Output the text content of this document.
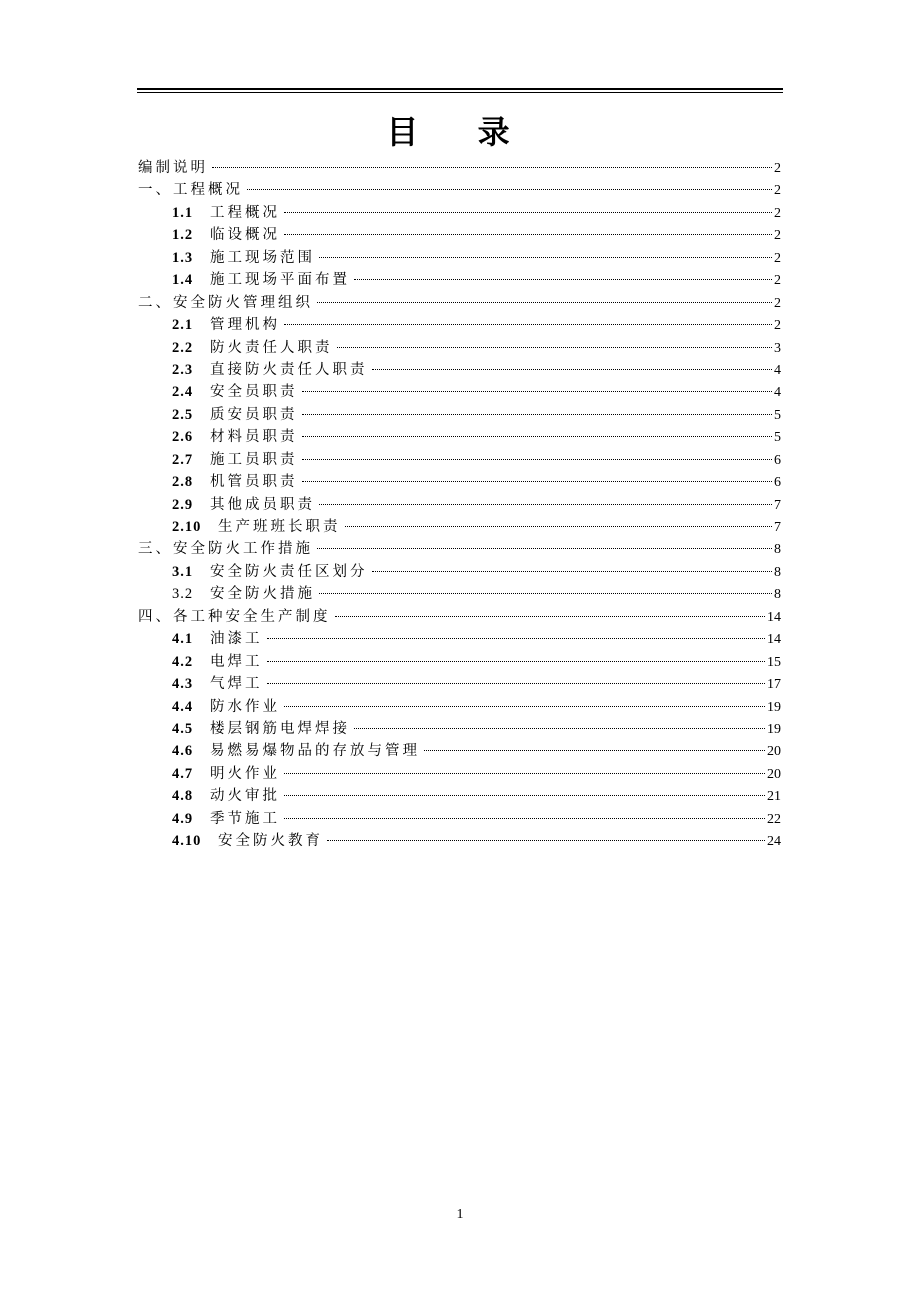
目 录
编制说明	2
一、工程概况	2
1.1	工程概况	2
1.2	临设概况	2
1.3	施工现场范围	2
1.4	施工现场平面布置	2
二、安全防火管理组织	2
2.1	管理机构	2
2.2	防火责任人职责	3
2.3	直接防火责任人职责	4
2.4	安全员职责	4
2.5	质安员职责	5
2.6	材料员职责	5
2.7	施工员职责	6
2.8	机管员职责	6
2.9	其他成员职责	7
2.10	生产班班长职责	7
三、安全防火工作措施	8
3.1	安全防火责任区划分	8
3.2	安全防火措施	8
四、各工种安全生产制度	14
4.1	油漆工	14
4.2	电焊工	15
4.3	气焊工	17
4.4	防水作业	19
4.5	楼层钢筋电焊焊接	19
4.6	易燃易爆物品的存放与管理	20
4.7	明火作业	20
4.8	动火审批	21
4.9	季节施工	22
4.10	安全防火教育	24
1
